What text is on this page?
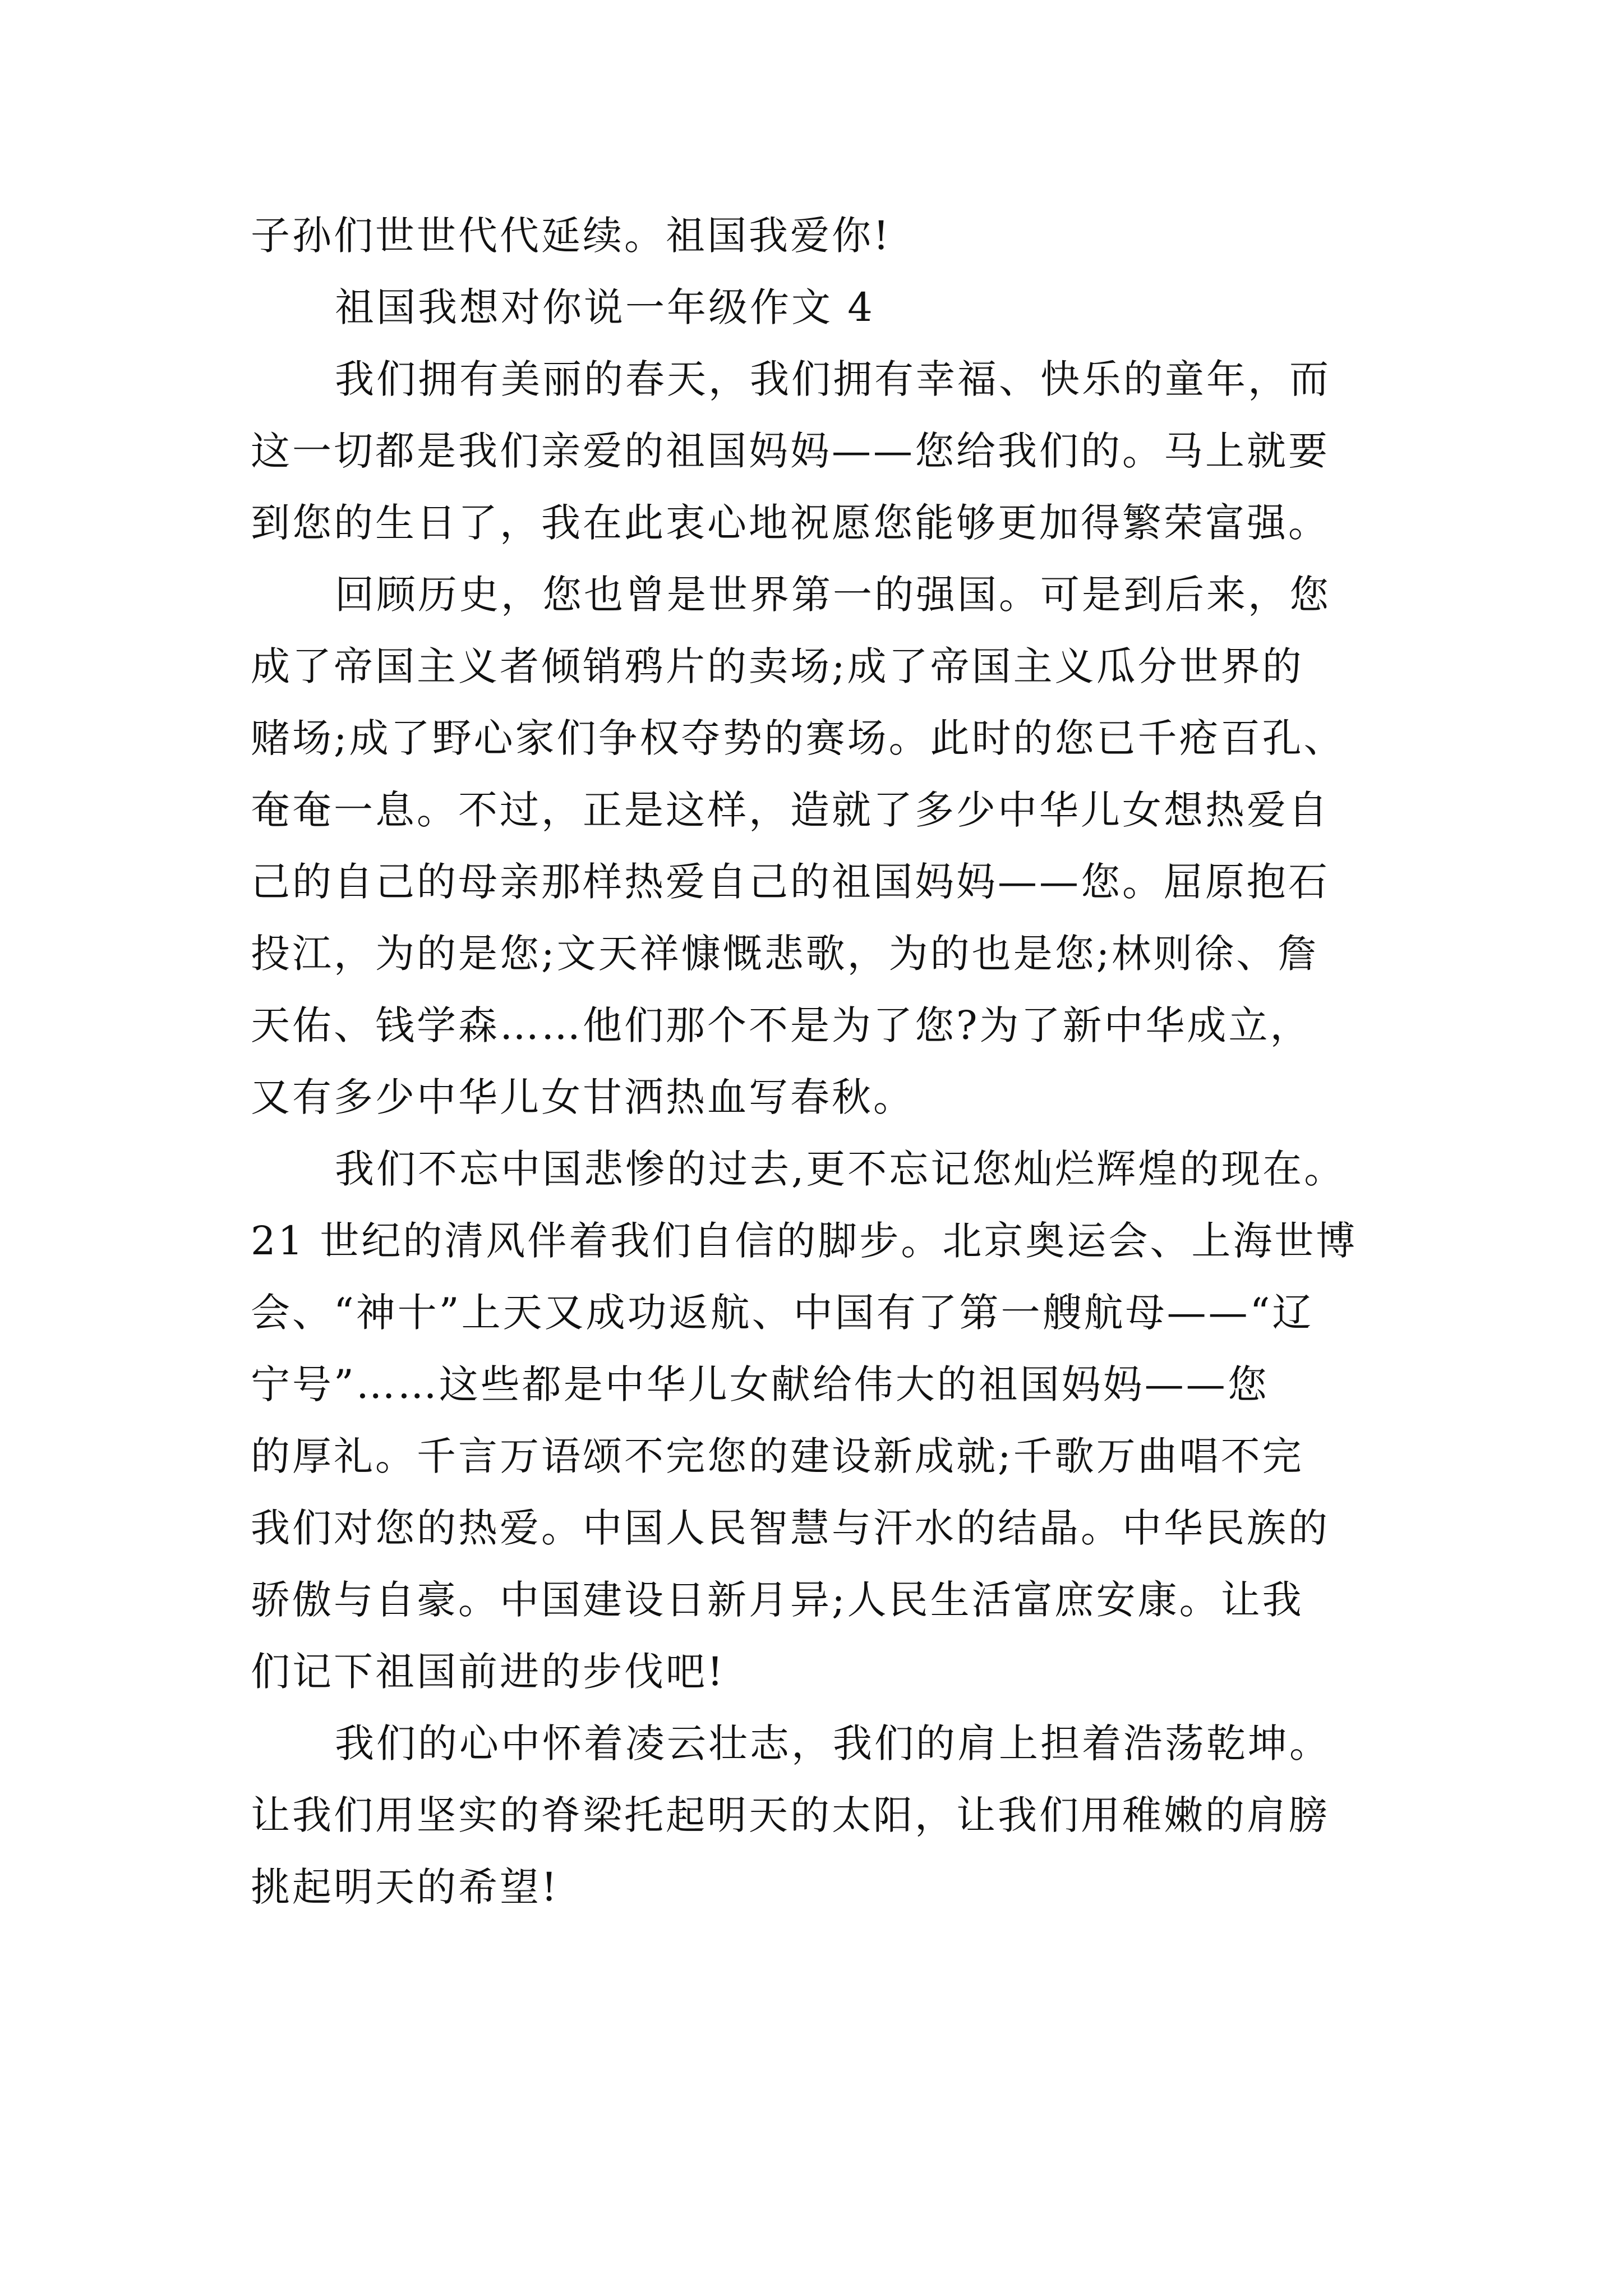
子孙们世世代代延续。祖国我爱你!
祖国我想对你说一年级作文 4
我们拥有美丽的春天，我们拥有幸福、快乐的童年，而
这一切都是我们亲爱的祖国妈妈——您给我们的。马上就要
到您的生日了，我在此衷心地祝愿您能够更加得繁荣富强。
回顾历史，您也曾是世界第一的强国。可是到后来，您
成了帝国主义者倾销鸦片的卖场;成了帝国主义瓜分世界的
赌场;成了野心家们争权夺势的赛场。此时的您已千疮百孔、
奄奄一息。不过，正是这样，造就了多少中华儿女想热爱自
己的自己的母亲那样热爱自己的祖国妈妈——您。屈原抱石
投江，为的是您;文天祥慷慨悲歌，为的也是您;林则徐、詹
天佑、钱学森……他们那个不是为了您?为了新中华成立，
又有多少中华儿女甘洒热血写春秋。
我们不忘中国悲惨的过去,更不忘记您灿烂辉煌的现在。
21 世纪的清风伴着我们自信的脚步。北京奥运会、上海世博
会、“神十”上天又成功返航、中国有了第一艘航母——“辽
宁号”……这些都是中华儿女献给伟大的祖国妈妈——您
的厚礼。千言万语颂不完您的建设新成就;千歌万曲唱不完
我们对您的热爱。中国人民智慧与汗水的结晶。中华民族的
骄傲与自豪。中国建设日新月异;人民生活富庶安康。让我
们记下祖国前进的步伐吧!
我们的心中怀着凌云壮志，我们的肩上担着浩荡乾坤。
让我们用坚实的脊梁托起明天的太阳，让我们用稚嫩的肩膀
挑起明天的希望!
